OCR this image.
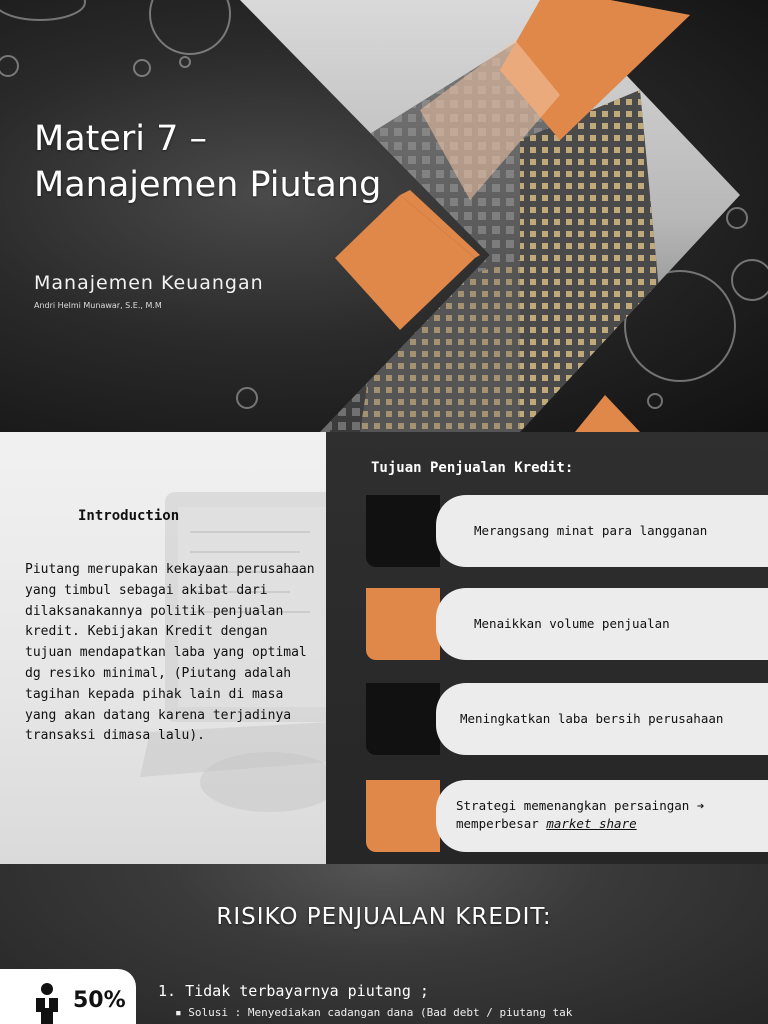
Materi 7 –
Manajemen Piutang
Manajemen Keuangan
Andri Helmi Munawar, S.E., M.M
Introduction
Piutang merupakan kekayaan perusahaan yang timbul sebagai akibat dari dilaksanakannya politik penjualan kredit. Kebijakan Kredit dengan tujuan mendapatkan laba yang optimal dg resiko minimal, (Piutang adalah tagihan kepada pihak lain di masa yang akan datang karena terjadinya transaksi dimasa lalu).
Tujuan Penjualan Kredit:
Merangsang minat para langganan
Menaikkan volume penjualan
Meningkatkan laba bersih perusahaan
Strategi memenangkan persaingan ➔
memperbesar market share
RISIKO PENJUALAN KREDIT:
50% 1. Tidak terbayarnya piutang ;
▪ Solusi : Menyediakan cadangan dana (Bad debt / piutang tak
